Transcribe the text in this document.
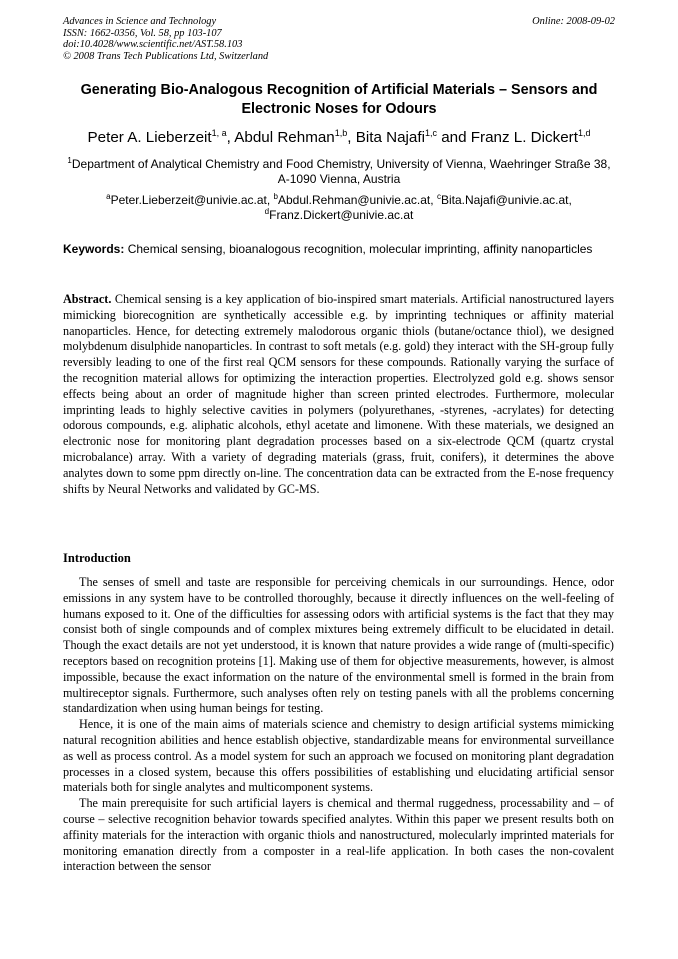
Advances in Science and Technology
ISSN: 1662-0356, Vol. 58, pp 103-107
doi:10.4028/www.scientific.net/AST.58.103
© 2008 Trans Tech Publications Ltd, Switzerland
Online: 2008-09-02
Generating Bio-Analogous Recognition of Artificial Materials – Sensors and Electronic Noses for Odours
Peter A. Lieberzeit$^{1, a}$, Abdul Rehman$^{1,b}$, Bita Najafi$^{1,c}$ and Franz L. Dickert$^{1,d}$
$^1$Department of Analytical Chemistry and Food Chemistry, University of Vienna, Waehringer Straße 38, A-1090 Vienna, Austria
$^a$Peter.Lieberzeit@univie.ac.at, $^b$Abdul.Rehman@univie.ac.at, $^c$Bita.Najafi@univie.ac.at,
$^d$Franz.Dickert@univie.ac.at
Keywords: Chemical sensing, bioanalogous recognition, molecular imprinting, affinity nanoparticles
Abstract. Chemical sensing is a key application of bio-inspired smart materials. Artificial nanostructured layers mimicking biorecognition are synthetically accessible e.g. by imprinting techniques or affinity material nanoparticles. Hence, for detecting extremely malodorous organic thiols (butane/octance thiol), we designed molybdenum disulphide nanoparticles. In contrast to soft metals (e.g. gold) they interact with the SH-group fully reversibly leading to one of the first real QCM sensors for these compounds. Rationally varying the surface of the recognition material allows for optimizing the interaction properties. Electrolyzed gold e.g. shows sensor effects being about an order of magnitude higher than screen printed electrodes. Furthermore, molecular imprinting leads to highly selective cavities in polymers (polyurethanes, -styrenes, -acrylates) for detecting odorous compounds, e.g. aliphatic alcohols, ethyl acetate and limonene. With these materials, we designed an electronic nose for monitoring plant degradation processes based on a six-electrode QCM (quartz crystal microbalance) array. With a variety of degrading materials (grass, fruit, conifers), it determines the above analytes down to some ppm directly on-line. The concentration data can be extracted from the E-nose frequency shifts by Neural Networks and validated by GC-MS.
Introduction

The senses of smell and taste are responsible for perceiving chemicals in our surroundings. Hence, odor emissions in any system have to be controlled thoroughly, because it directly influences on the well-feeling of humans exposed to it. One of the difficulties for assessing odors with artificial systems is the fact that they may consist both of single compounds and of complex mixtures being extremely difficult to be elucidated in detail. Though the exact details are not yet understood, it is known that nature provides a wide range of (multi-specific) receptors based on recognition proteins [1]. Making use of them for objective measurements, however, is almost impossible, because the exact information on the nature of the environmental smell is formed in the brain from multireceptor signals. Furthermore, such analyses often rely on testing panels with all the problems concerning standardization when using human beings for testing.

Hence, it is one of the main aims of materials science and chemistry to design artificial systems mimicking natural recognition abilities and hence establish objective, standardizable means for environmental surveillance as well as process control. As a model system for such an approach we focused on monitoring plant degradation processes in a closed system, because this offers possibilities of establishing und elucidating artificial sensor materials both for single analytes and multicomponent systems.

The main prerequisite for such artificial layers is chemical and thermal ruggedness, processability and – of course – selective recognition behavior towards specified analytes. Within this paper we present results both on affinity materials for the interaction with organic thiols and nanostructured, molecularly imprinted materials for monitoring emanation directly from a composter in a real-life application. In both cases the non-covalent interaction between the sensor
